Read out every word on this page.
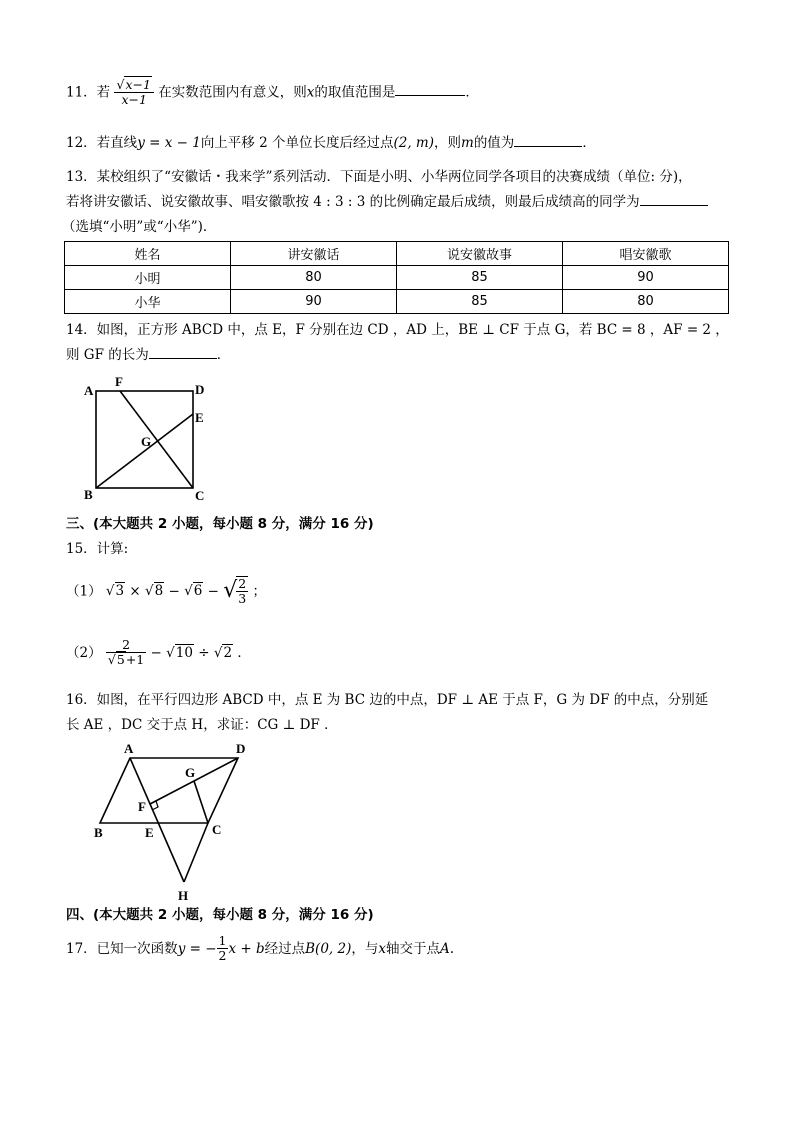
11．若 $\frac{√x-1}{x-1}$ 在实数范围内有意义，则x的取值范围是	．
12．若直线y = x − 1向上平移 2 个单位长度后经过点(2, m)，则m的值为	．
13．某校组织了“安徽话・我来学”系列活动．下面是小明、小华两位同学各项目的决赛成绩（单位: 分)，
若将讲安徽话、说安徽故事、唱安徽歌按 4 : 3 : 3 的比例确定最后成绩，则最后成绩高的同学为
（选填“小明”或“小华”)．
姓名	讲安徽话	说安徽故事	唱安徽歌
小明	80	85	90
小华	90	85	80
14．如图，正方形 ABCD 中，点 E，F 分别在边 CD ，AD 上，BE ⊥ CF 于点 G，若 BC = 8 ，AF = 2 ，
则 GF 的长为	．
A
F
D
E
G
B	C
三、(本大题共 2 小题，每小题 8 分，满分 16 分)
15．计算:
（1） √3 × √8 − √6 − √ $\frac{2}{3}$ ；
$(2) \frac{2}{√5+1} - √10 \div √2$ ．
16．如图，在平行四边形 ABCD 中，点 E 为 BC 边的中点，DF ⊥ AE 于点 F，G 为 DF 的中点，分别延
长 AE ，DC 交于点 H，求证：CG ⊥ DF ．
A	D
G
F
B	E	C
H
四、(本大题共 2 小题，每小题 8 分，满分 16 分)
17．已知一次函数y = − $\frac{1}{2}$ x + b经过点B(0, 2)，与x轴交于点A.
